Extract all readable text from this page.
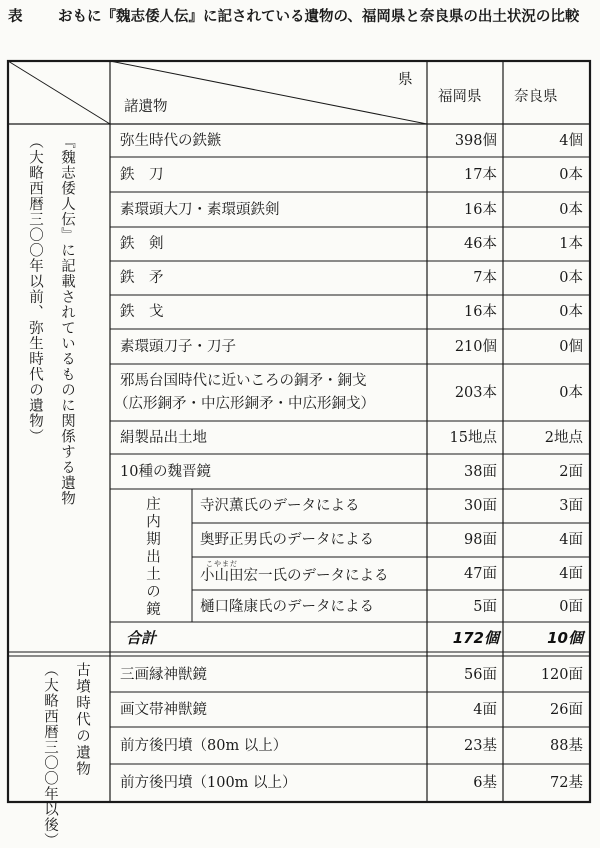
表 おもに『魏志倭人伝』に記されている遺物の、福岡県と奈良県の出土状況の比較
県
諸遺物
福岡県 奈良県
『魏志倭人伝』に記載されているものに関係する遺物
（大略西暦三〇〇年以前、弥生時代の遺物）
庄内期出土の鏡
古墳時代の遺物
（大略西暦三〇〇年以後）
弥生時代の鉄鏃	398個	4個
鉄　刀	17本	0本
素環頭大刀・素環頭鉄剣	16本	0本
鉄　剣	46本	1本
鉄　矛	7本	0本
鉄　戈	16本	0本
素環頭刀子・刀子	210個	0個
邪馬台国時代に近いころの銅矛・銅戈
（広形銅矛・中広形銅矛・中広形銅戈）
203本	0本
絹製品出土地	15地点	2地点
10種の魏晋鏡	38面	2面
寺沢薫氏のデータによる	30面	3面
奥野正男氏のデータによる	98面	4面
こやまだ
小山田宏一氏のデータによる	47面	4面
樋口隆康氏のデータによる	5面	0面
合計	172個	10個
三画縁神獣鏡	56面	120面
画文帯神獣鏡	4面	26面
前方後円墳（80m 以上）	23基	88基
前方後円墳（100m 以上）	6基	72基
